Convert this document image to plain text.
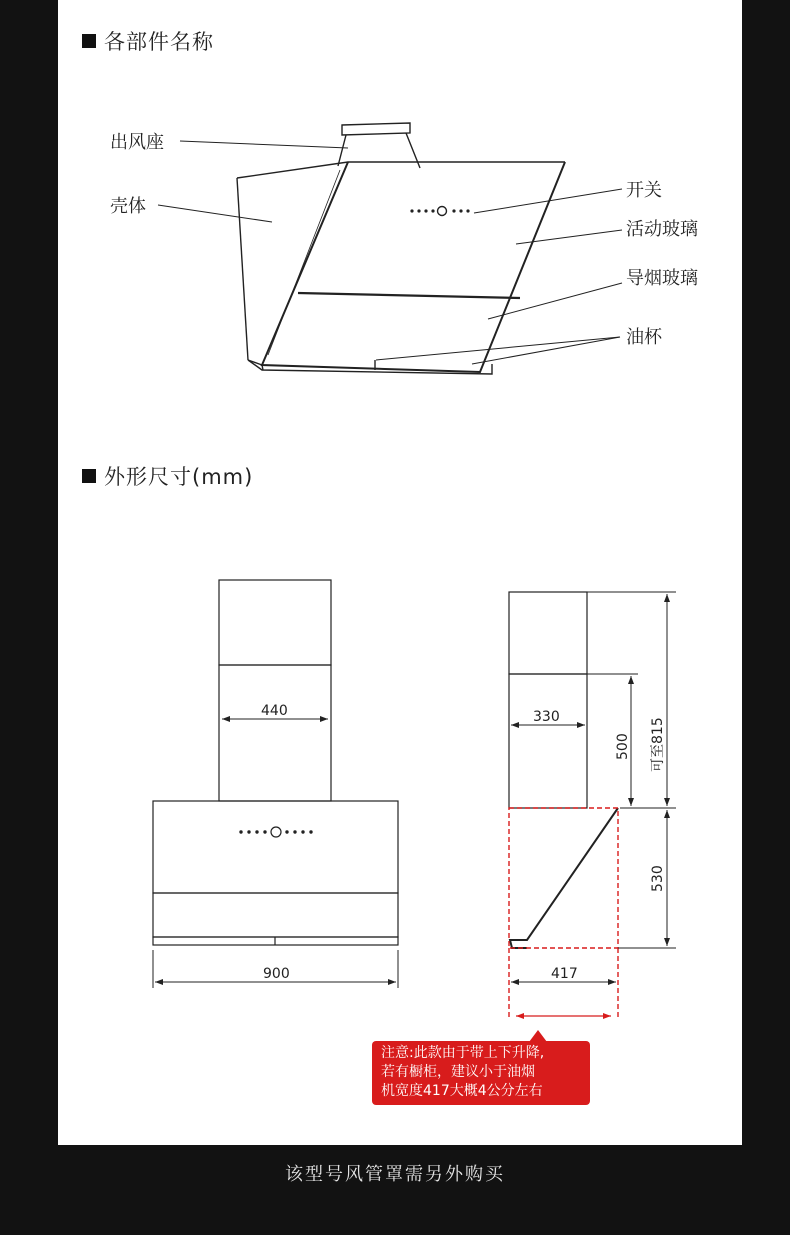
各部件名称
外形尺寸(mm)
出风座
壳体
开关
活动玻璃
导烟玻璃
油杯
440
900
330
500 可至815
530
417
注意:此款由于带上下升降,
若有橱柜，建议小于油烟
机宽度417大概4公分左右
该型号风管罩需另外购买
